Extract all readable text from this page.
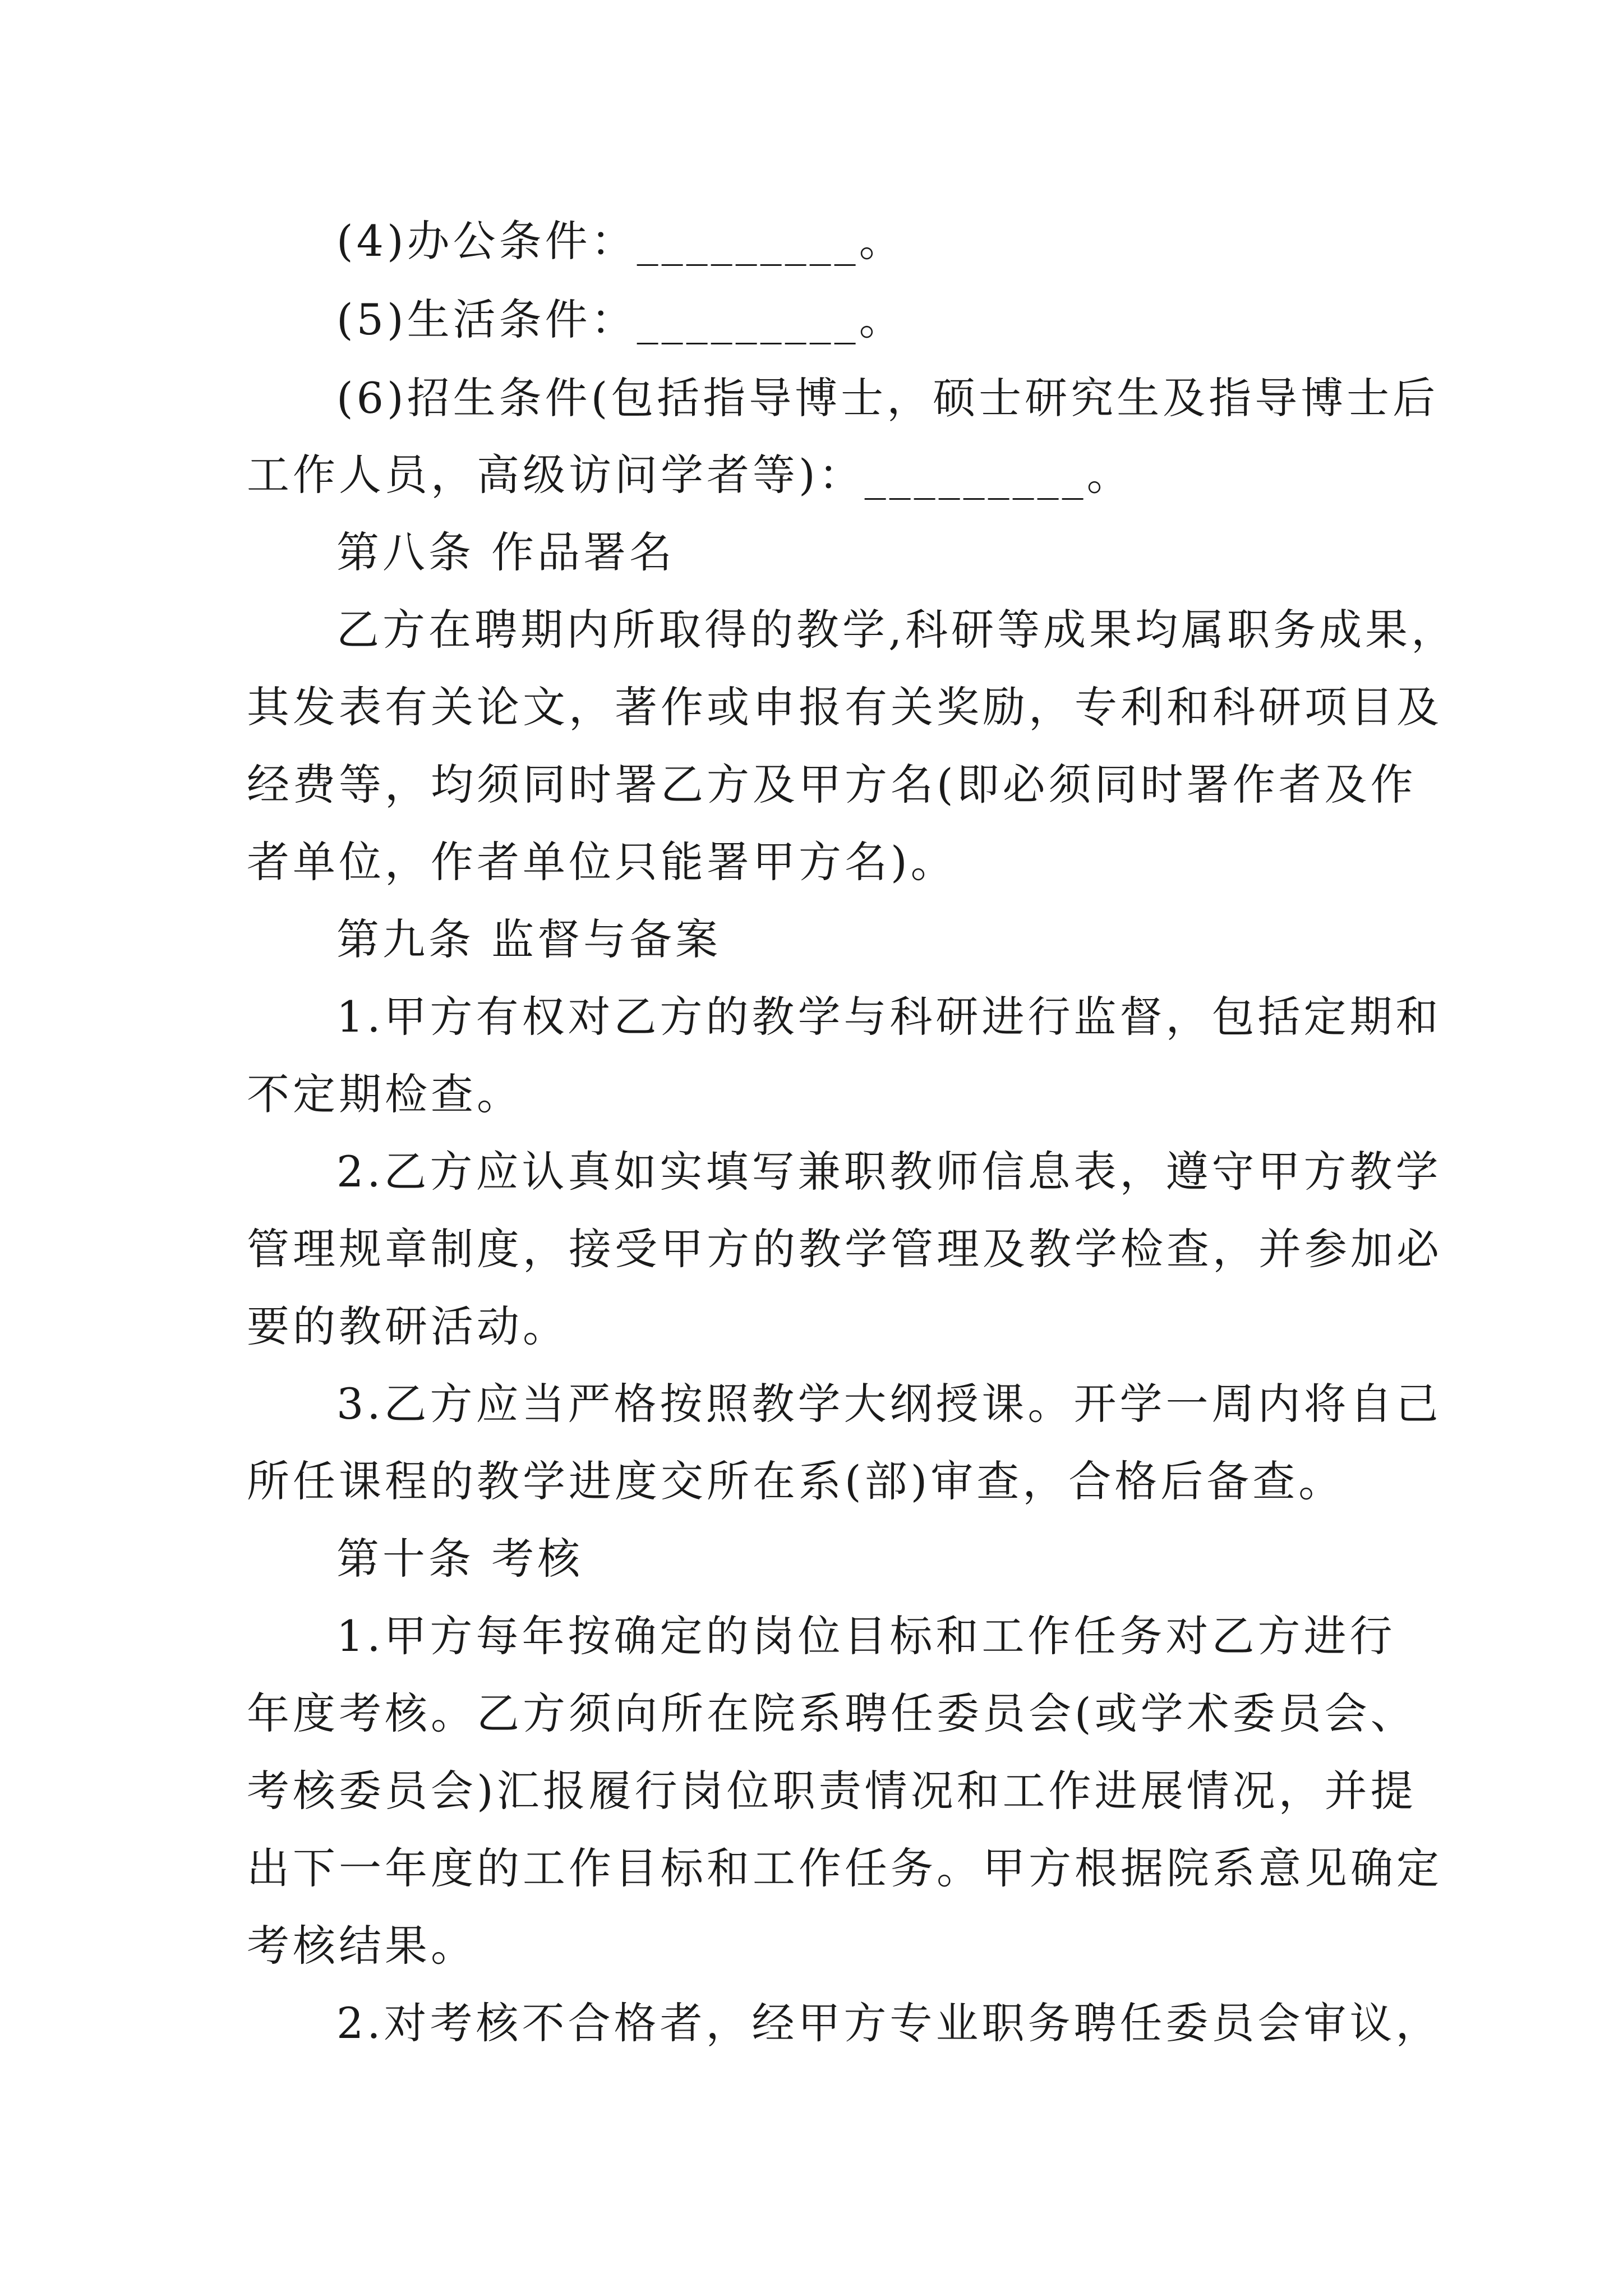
(4)办公条件：_________。
(5)生活条件：_________。
(6)招生条件(包括指导博士，硕士研究生及指导博士后
工作人员，高级访问学者等)：_________。
第八条 作品署名
乙方在聘期内所取得的教学,科研等成果均属职务成果，
其发表有关论文，著作或申报有关奖励，专利和科研项目及
经费等，均须同时署乙方及甲方名(即必须同时署作者及作
者单位，作者单位只能署甲方名)。
第九条 监督与备案
1.甲方有权对乙方的教学与科研进行监督，包括定期和
不定期检查。
2.乙方应认真如实填写兼职教师信息表，遵守甲方教学
管理规章制度，接受甲方的教学管理及教学检查，并参加必
要的教研活动。
3.乙方应当严格按照教学大纲授课。开学一周内将自己
所任课程的教学进度交所在系(部)审查，合格后备查。
第十条 考核
1.甲方每年按确定的岗位目标和工作任务对乙方进行
年度考核。乙方须向所在院系聘任委员会(或学术委员会、
考核委员会)汇报履行岗位职责情况和工作进展情况，并提
出下一年度的工作目标和工作任务。甲方根据院系意见确定
考核结果。
2.对考核不合格者，经甲方专业职务聘任委员会审议，
